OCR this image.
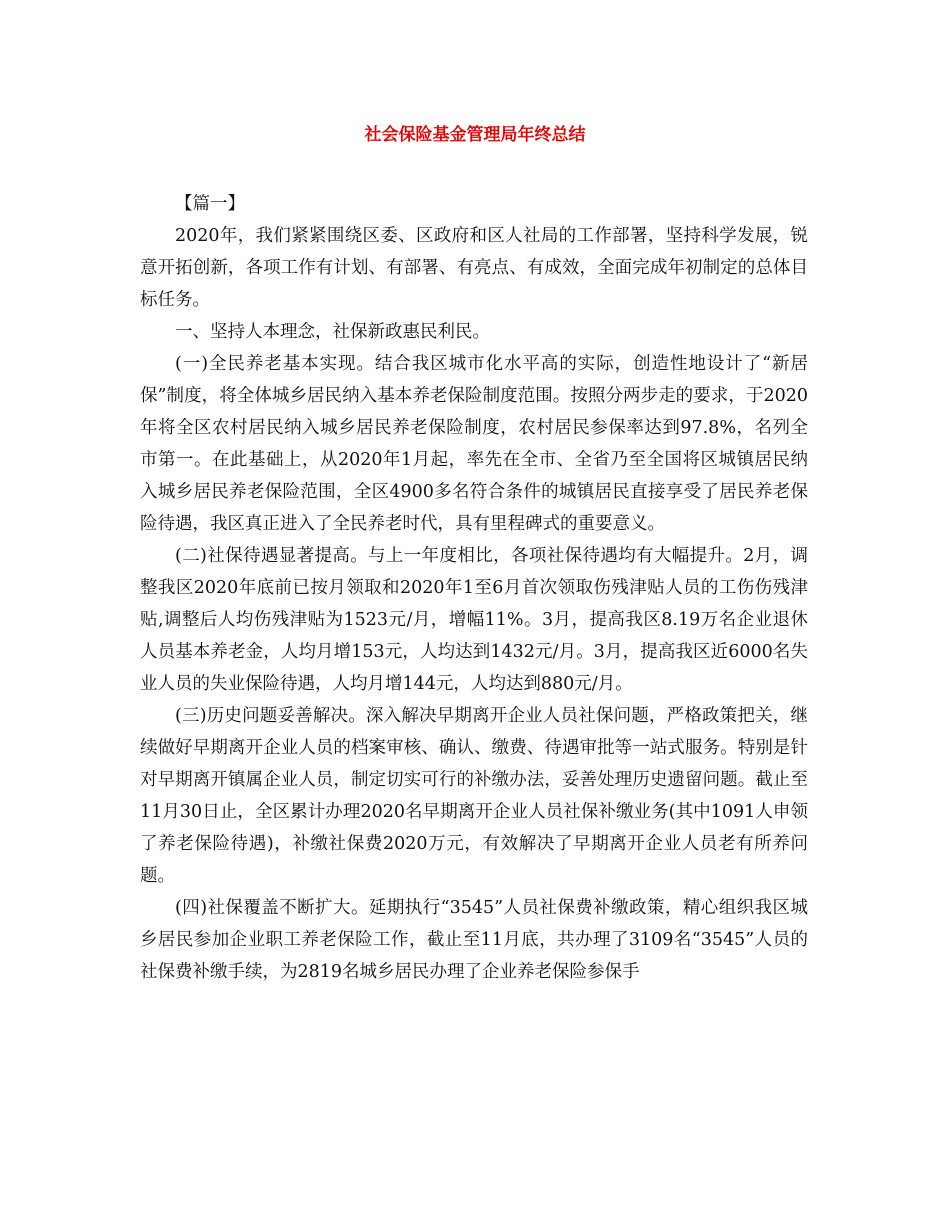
社会保险基金管理局年终总结

【篇一】

2020年，我们紧紧围绕区委、区政府和区人社局的工作部署，坚持科学发展，锐意开拓创新，各项工作有计划、有部署、有亮点、有成效，全面完成年初制定的总体目标任务。

一、坚持人本理念，社保新政惠民利民。

(一)全民养老基本实现。结合我区城市化水平高的实际，创造性地设计了“新居保”制度，将全体城乡居民纳入基本养老保险制度范围。按照分两步走的要求，于2020年将全区农村居民纳入城乡居民养老保险制度，农村居民参保率达到97.8%，名列全市第一。在此基础上，从2020年1月起，率先在全市、全省乃至全国将区城镇居民纳入城乡居民养老保险范围，全区4900多名符合条件的城镇居民直接享受了居民养老保险待遇，我区真正进入了全民养老时代，具有里程碑式的重要意义。

(二)社保待遇显著提高。与上一年度相比，各项社保待遇均有大幅提升。2月，调整我区2020年底前已按月领取和2020年1至6月首次领取伤残津贴人员的工伤伤残津贴,调整后人均伤残津贴为1523元/月，增幅11%。3月，提高我区8.19万名企业退休人员基本养老金，人均月增153元，人均达到1432元/月。3月，提高我区近6000名失业人员的失业保险待遇，人均月增144元，人均达到880元/月。

(三)历史问题妥善解决。深入解决早期离开企业人员社保问题，严格政策把关，继续做好早期离开企业人员的档案审核、确认、缴费、待遇审批等一站式服务。特别是针对早期离开镇属企业人员，制定切实可行的补缴办法，妥善处理历史遗留问题。截止至11月30日止，全区累计办理2020名早期离开企业人员社保补缴业务(其中1091人申领了养老保险待遇)，补缴社保费2020万元，有效解决了早期离开企业人员老有所养问题。

(四)社保覆盖不断扩大。延期执行“3545”人员社保费补缴政策，精心组织我区城乡居民参加企业职工养老保险工作，截止至11月底，共办理了3109名“3545”人员的社保费补缴手续，为2819名城乡居民办理了企业养老保险参保手
